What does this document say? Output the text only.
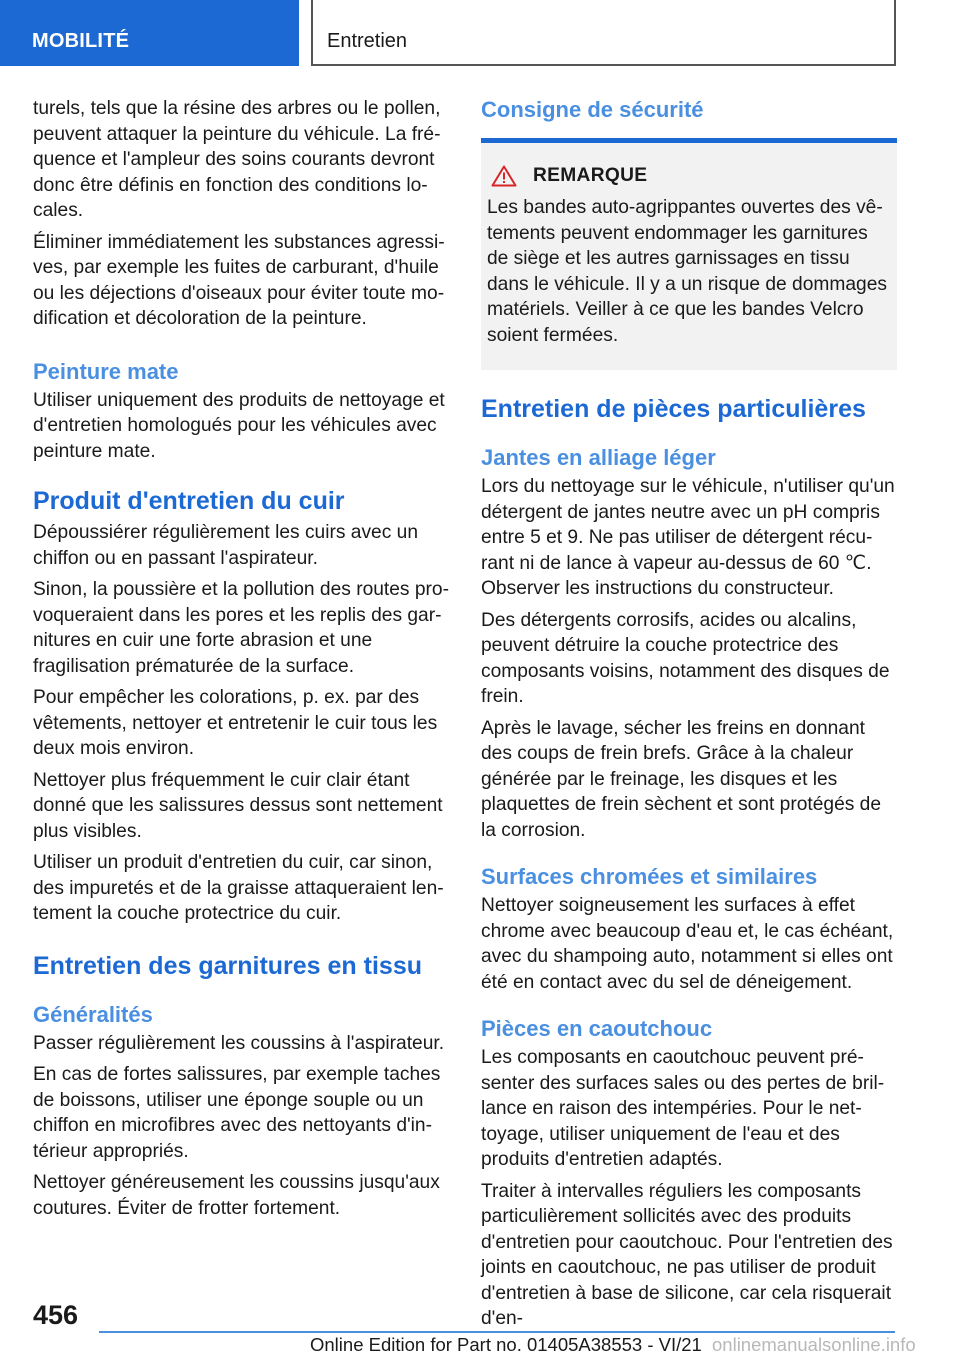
MOBILITÉ	Entretien

turels, tels que la résine des arbres ou le pollen, peuvent attaquer la peinture du véhicule. La fréquence et l'ampleur des soins courants devront donc être définis en fonction des conditions locales.

Éliminer immédiatement les substances agressives, par exemple les fuites de carburant, d'huile ou les déjections d'oiseaux pour éviter toute modification et décoloration de la peinture.

Peinture mate

Utiliser uniquement des produits de nettoyage et d'entretien homologués pour les véhicules avec peinture mate.

Produit d'entretien du cuir

Dépoussiérer régulièrement les cuirs avec un chiffon ou en passant l'aspirateur.

Sinon, la poussière et la pollution des routes provoqueraient dans les pores et les replis des garnitures en cuir une forte abrasion et une fragilisation prématurée de la surface.

Pour empêcher les colorations, p. ex. par des vêtements, nettoyer et entretenir le cuir tous les deux mois environ.

Nettoyer plus fréquemment le cuir clair étant donné que les salissures dessus sont nettement plus visibles.

Utiliser un produit d'entretien du cuir, car sinon, des impuretés et de la graisse attaqueraient lentement la couche protectrice du cuir.

Entretien des garnitures en tissu
Généralités

Passer régulièrement les coussins à l'aspirateur.

En cas de fortes salissures, par exemple taches de boissons, utiliser une éponge souple ou un chiffon en microfibres avec des nettoyants d'intérieur appropriés.

Nettoyer généreusement les coussins jusqu'aux coutures. Éviter de frotter fortement.

Consigne de sécurité
REMARQUE

Les bandes auto-agrippantes ouvertes des vêtements peuvent endommager les garnitures de siège et les autres garnissages en tissu dans le véhicule. Il y a un risque de dommages matériels. Veiller à ce que les bandes Velcro soient fermées.

Entretien de pièces particulières
Jantes en alliage léger

Lors du nettoyage sur le véhicule, n'utiliser qu'un détergent de jantes neutre avec un pH compris entre 5 et 9. Ne pas utiliser de détergent récurant ni de lance à vapeur au-dessus de 60 ℃. Observer les instructions du constructeur.

Des détergents corrosifs, acides ou alcalins, peuvent détruire la couche protectrice des composants voisins, notamment des disques de frein.

Après le lavage, sécher les freins en donnant des coups de frein brefs. Grâce à la chaleur générée par le freinage, les disques et les plaquettes de frein sèchent et sont protégés de la corrosion.

Surfaces chromées et similaires

Nettoyer soigneusement les surfaces à effet chrome avec beaucoup d'eau et, le cas échéant, avec du shampoing auto, notamment si elles ont été en contact avec du sel de déneigement.

Pièces en caoutchouc

Les composants en caoutchouc peuvent présenter des surfaces sales ou des pertes de brillance en raison des intempéries. Pour le nettoyage, utiliser uniquement de l'eau et des produits d'entretien adaptés.

Traiter à intervalles réguliers les composants particulièrement sollicités avec des produits d'entretien pour caoutchouc. Pour l'entretien des joints en caoutchouc, ne pas utiliser de produit d'entretien à base de silicone, car cela risquerait d'en-

456
Online Edition for Part no. 01405A38553 - VI/21 onlinemanualsonline.info
